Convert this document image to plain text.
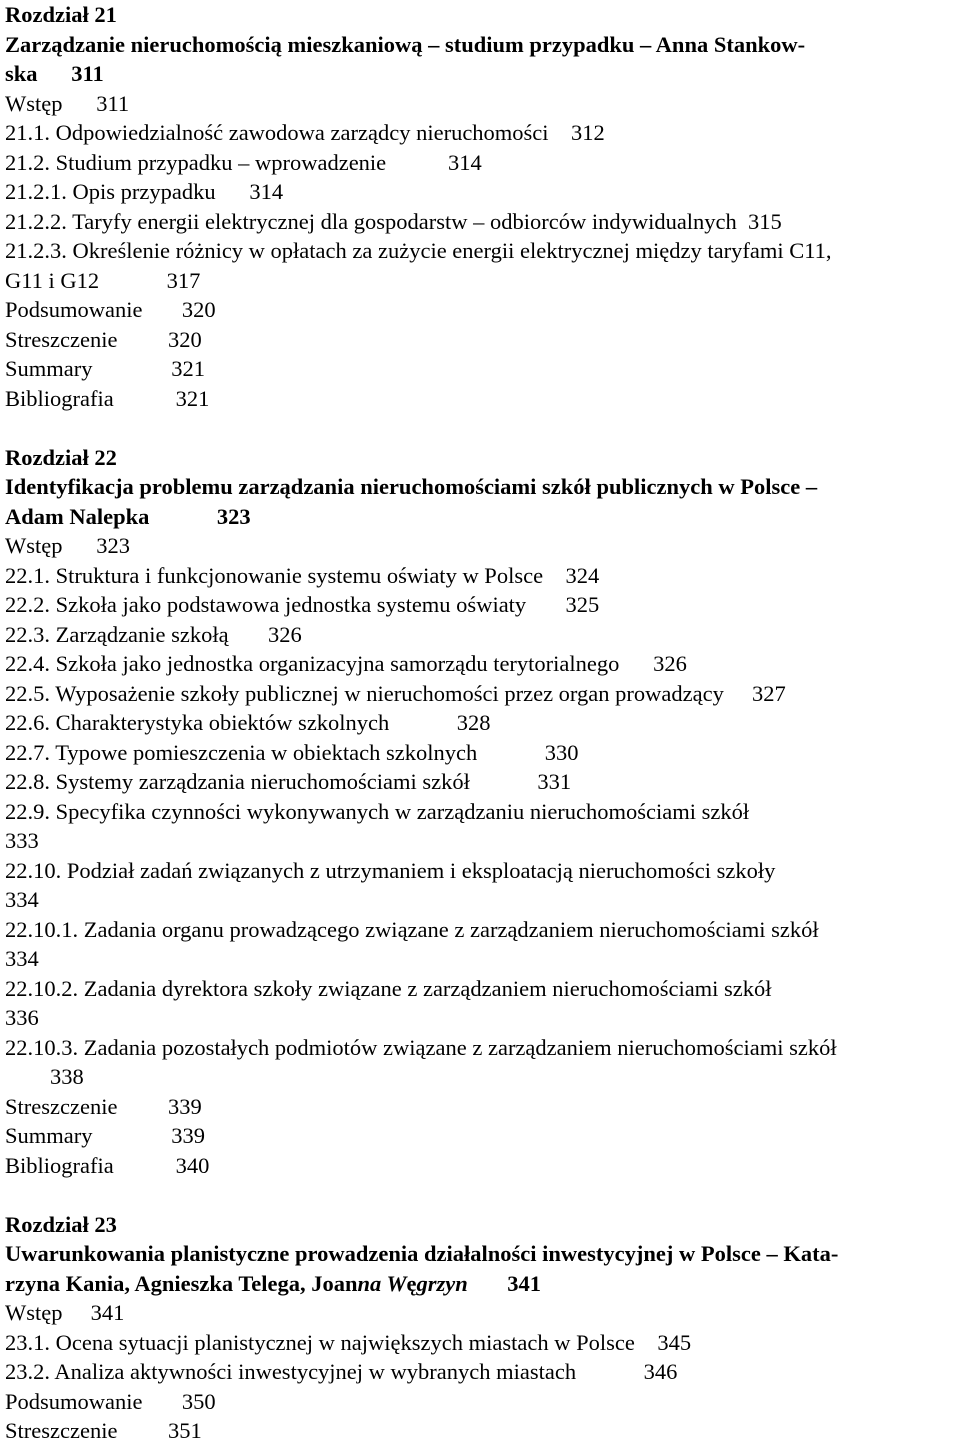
Rozdział 21
Zarządzanie nieruchomością mieszkaniową – studium przypadku – Anna Stankow-
ska      311
Wstęp      311
21.1. Odpowiedzialność zawodowa zarządcy nieruchomości    312
21.2. Studium przypadku – wprowadzenie           314
21.2.1. Opis przypadku      314
21.2.2. Taryfy energii elektrycznej dla gospodarstw – odbiorców indywidualnych  315
21.2.3. Określenie różnicy w opłatach za zużycie energii elektrycznej między taryfami C11,
G11 i G12            317
Podsumowanie       320
Streszczenie         320
Summary              321
Bibliografia           321
Rozdział 22
Identyfikacja problemu zarządzania nieruchomościami szkół publicznych w Polsce –
Adam Nalepka            323
Wstęp      323
22.1. Struktura i funkcjonowanie systemu oświaty w Polsce    324
22.2. Szkoła jako podstawowa jednostka systemu oświaty       325
22.3. Zarządzanie szkołą       326
22.4. Szkoła jako jednostka organizacyjna samorządu terytorialnego      326
22.5. Wyposażenie szkoły publicznej w nieruchomości przez organ prowadzący     327
22.6. Charakterystyka obiektów szkolnych            328
22.7. Typowe pomieszczenia w obiektach szkolnych            330
22.8. Systemy zarządzania nieruchomościami szkół            331
22.9. Specyfika czynności wykonywanych w zarządzaniu nieruchomościami szkół
333
22.10. Podział zadań związanych z utrzymaniem i eksploatacją nieruchomości szkoły
334
22.10.1. Zadania organu prowadzącego związane z zarządzaniem nieruchomościami szkół
334
22.10.2. Zadania dyrektora szkoły związane z zarządzaniem nieruchomościami szkół
336
22.10.3. Zadania pozostałych podmiotów związane z zarządzaniem nieruchomościami szkół
338
Streszczenie         339
Summary              339
Bibliografia           340
Rozdział 23
Uwarunkowania planistyczne prowadzenia działalności inwestycyjnej w Polsce – Kata-
rzyna Kania, Agnieszka Telega, Joanna Węgrzyn       341
Wstęp     341
23.1. Ocena sytuacji planistycznej w największych miastach w Polsce    345
23.2. Analiza aktywności inwestycyjnej w wybranych miastach            346
Podsumowanie       350
Streszczenie         351
